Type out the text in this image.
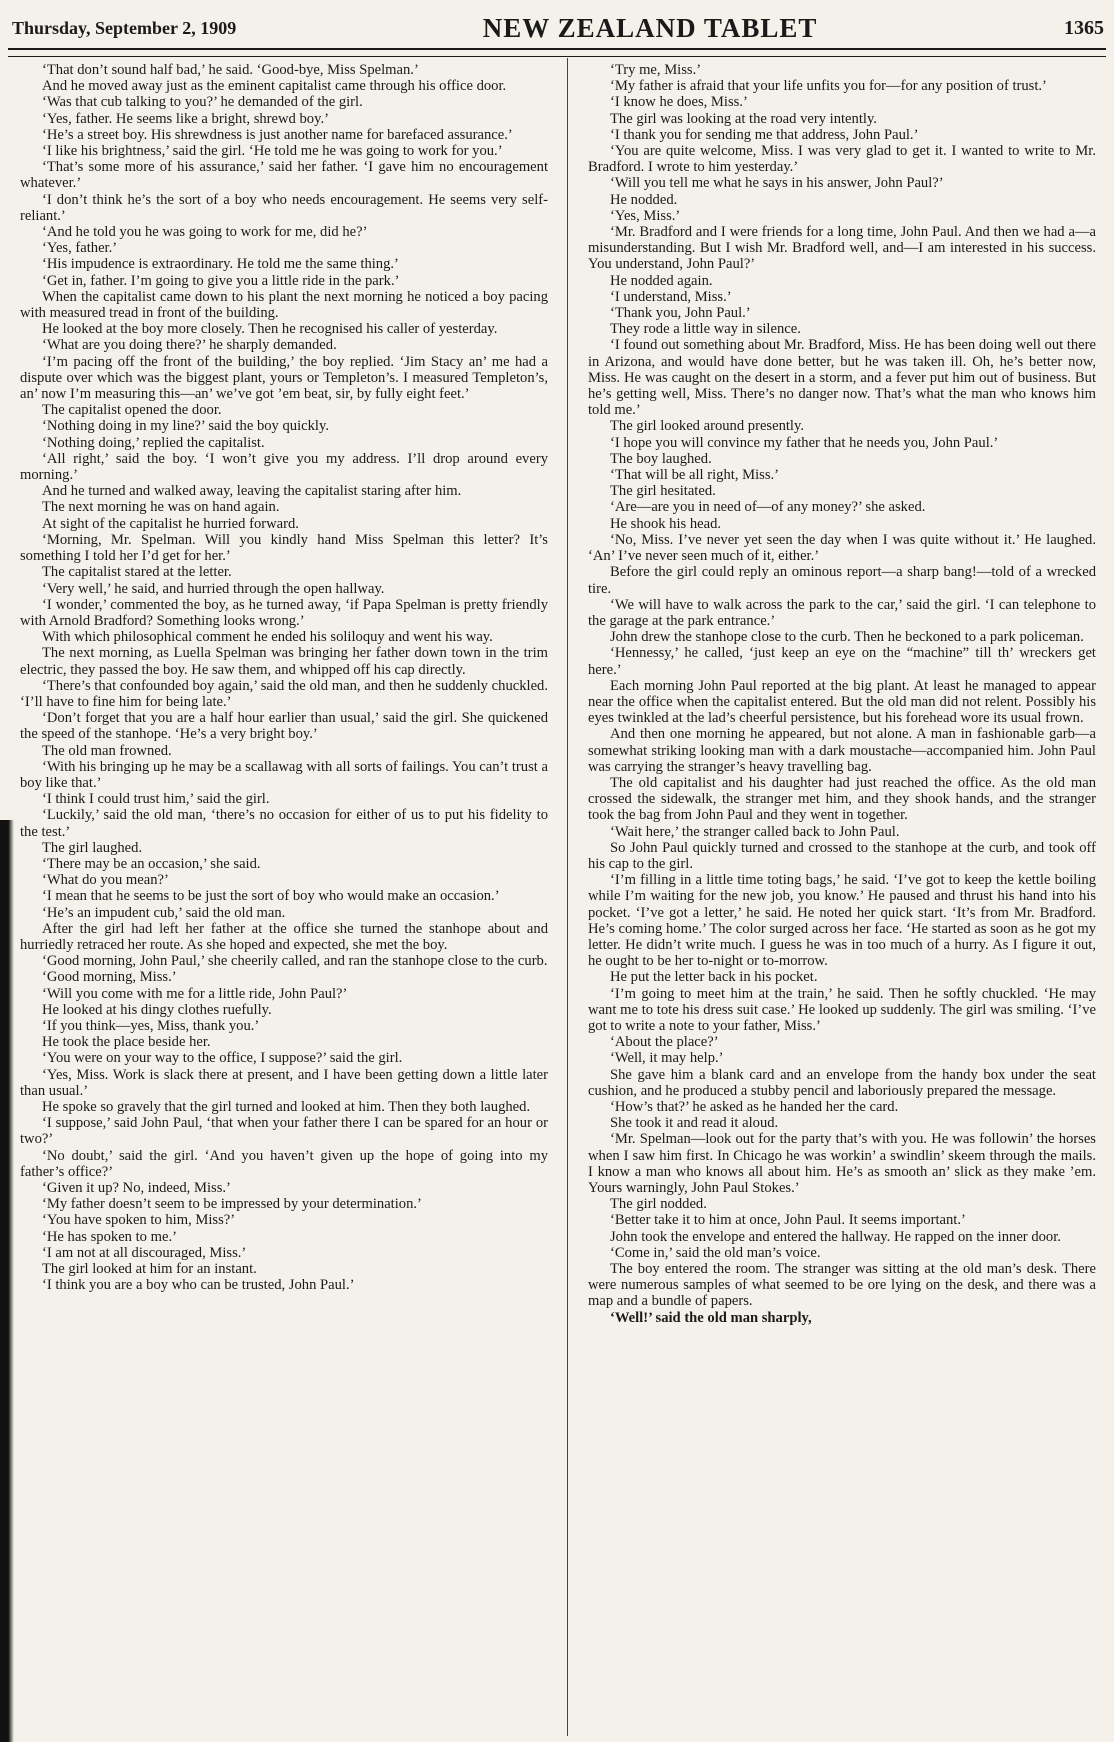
Thursday, September 2, 1909	NEW ZEALAND TABLET	1365

‘That don’t sound half bad,’ he said. ‘Good-bye, Miss Spelman.’

And he moved away just as the eminent capitalist came through his office door.

‘Was that cub talking to you?’ he demanded of the girl.

‘Yes, father. He seems like a bright, shrewd boy.’

‘He’s a street boy. His shrewdness is just another name for barefaced assurance.’

‘I like his brightness,’ said the girl. ‘He told me he was going to work for you.’

‘That’s some more of his assurance,’ said her father. ‘I gave him no encouragement whatever.’

‘I don’t think he’s the sort of a boy who needs encouragement. He seems very self-reliant.’

‘And he told you he was going to work for me, did he?’

‘Yes, father.’

‘His impudence is extraordinary. He told me the same thing.’

‘Get in, father. I’m going to give you a little ride in the park.’

When the capitalist came down to his plant the next morning he noticed a boy pacing with measured tread in front of the building.

He looked at the boy more closely. Then he recognised his caller of yesterday.

‘What are you doing there?’ he sharply demanded.

‘I’m pacing off the front of the building,’ the boy replied. ‘Jim Stacy an’ me had a dispute over which was the biggest plant, yours or Templeton’s. I measured Templeton’s, an’ now I’m measuring this—an’ we’ve got ’em beat, sir, by fully eight feet.’

The capitalist opened the door.

‘Nothing doing in my line?’ said the boy quickly.

‘Nothing doing,’ replied the capitalist.

‘All right,’ said the boy. ‘I won’t give you my address. I’ll drop around every morning.’

And he turned and walked away, leaving the capitalist staring after him.

The next morning he was on hand again.

At sight of the capitalist he hurried forward.

‘Morning, Mr. Spelman. Will you kindly hand Miss Spelman this letter? It’s something I told her I’d get for her.’

The capitalist stared at the letter.

‘Very well,’ he said, and hurried through the open hallway.

‘I wonder,’ commented the boy, as he turned away, ‘if Papa Spelman is pretty friendly with Arnold Bradford? Something looks wrong.’

With which philosophical comment he ended his soliloquy and went his way.

The next morning, as Luella Spelman was bringing her father down town in the trim electric, they passed the boy. He saw them, and whipped off his cap directly.

‘There’s that confounded boy again,’ said the old man, and then he suddenly chuckled. ‘I’ll have to fine him for being late.’

‘Don’t forget that you are a half hour earlier than usual,’ said the girl. She quickened the speed of the stanhope. ‘He’s a very bright boy.’

The old man frowned.

‘With his bringing up he may be a scallawag with all sorts of failings. You can’t trust a boy like that.’

‘I think I could trust him,’ said the girl.

‘Luckily,’ said the old man, ‘there’s no occasion for either of us to put his fidelity to the test.’

The girl laughed.

‘There may be an occasion,’ she said.

‘What do you mean?’

‘I mean that he seems to be just the sort of boy who would make an occasion.’

‘He’s an impudent cub,’ said the old man.

After the girl had left her father at the office she turned the stanhope about and hurriedly retraced her route. As she hoped and expected, she met the boy.

‘Good morning, John Paul,’ she cheerily called, and ran the stanhope close to the curb.

‘Good morning, Miss.’

‘Will you come with me for a little ride, John Paul?’

He looked at his dingy clothes ruefully.

‘If you think—yes, Miss, thank you.’

He took the place beside her.

‘You were on your way to the office, I suppose?’ said the girl.

‘Yes, Miss. Work is slack there at present, and I have been getting down a little later than usual.’

He spoke so gravely that the girl turned and looked at him. Then they both laughed.

‘I suppose,’ said John Paul, ‘that when your father there I can be spared for an hour or two?’

‘No doubt,’ said the girl. ‘And you haven’t given up the hope of going into my father’s office?’

‘Given it up? No, indeed, Miss.’

‘My father doesn’t seem to be impressed by your determination.’

‘You have spoken to him, Miss?’

‘He has spoken to me.’

‘I am not at all discouraged, Miss.’

The girl looked at him for an instant.

‘I think you are a boy who can be trusted, John Paul.’

‘Try me, Miss.’

‘My father is afraid that your life unfits you for—for any position of trust.’

‘I know he does, Miss.’

The girl was looking at the road very intently.

‘I thank you for sending me that address, John Paul.’

‘You are quite welcome, Miss. I was very glad to get it. I wanted to write to Mr. Bradford. I wrote to him yesterday.’

‘Will you tell me what he says in his answer, John Paul?’

He nodded.

‘Yes, Miss.’

‘Mr. Bradford and I were friends for a long time, John Paul. And then we had a—a misunderstanding. But I wish Mr. Bradford well, and—I am interested in his success. You understand, John Paul?’

He nodded again.

‘I understand, Miss.’

‘Thank you, John Paul.’

They rode a little way in silence.

‘I found out something about Mr. Bradford, Miss. He has been doing well out there in Arizona, and would have done better, but he was taken ill. Oh, he’s better now, Miss. He was caught on the desert in a storm, and a fever put him out of business. But he’s getting well, Miss. There’s no danger now. That’s what the man who knows him told me.’

The girl looked around presently.

‘I hope you will convince my father that he needs you, John Paul.’

The boy laughed.

‘That will be all right, Miss.’

The girl hesitated.

‘Are—are you in need of—of any money?’ she asked.

He shook his head.

‘No, Miss. I’ve never yet seen the day when I was quite without it.’ He laughed. ‘An’ I’ve never seen much of it, either.’

Before the girl could reply an ominous report—a sharp bang!—told of a wrecked tire.

‘We will have to walk across the park to the car,’ said the girl. ‘I can telephone to the garage at the park entrance.’

John drew the stanhope close to the curb. Then he beckoned to a park policeman.

‘Hennessy,’ he called, ‘just keep an eye on the “machine” till th’ wreckers get here.’

Each morning John Paul reported at the big plant. At least he managed to appear near the office when the capitalist entered. But the old man did not relent. Possibly his eyes twinkled at the lad’s cheerful persistence, but his forehead wore its usual frown.

And then one morning he appeared, but not alone. A man in fashionable garb—a somewhat striking looking man with a dark moustache—accompanied him. John Paul was carrying the stranger’s heavy travelling bag.

The old capitalist and his daughter had just reached the office. As the old man crossed the sidewalk, the stranger met him, and they shook hands, and the stranger took the bag from John Paul and they went in together.

‘Wait here,’ the stranger called back to John Paul.

So John Paul quickly turned and crossed to the stanhope at the curb, and took off his cap to the girl.

‘I’m filling in a little time toting bags,’ he said. ‘I’ve got to keep the kettle boiling while I’m waiting for the new job, you know.’ He paused and thrust his hand into his pocket. ‘I’ve got a letter,’ he said. He noted her quick start. ‘It’s from Mr. Bradford. He’s coming home.’ The color surged across her face. ‘He started as soon as he got my letter. He didn’t write much. I guess he was in too much of a hurry. As I figure it out, he ought to be her to-night or to-morrow.

He put the letter back in his pocket.

‘I’m going to meet him at the train,’ he said. Then he softly chuckled. ‘He may want me to tote his dress suit case.’ He looked up suddenly. The girl was smiling. ‘I’ve got to write a note to your father, Miss.’

‘About the place?’

‘Well, it may help.’

She gave him a blank card and an envelope from the handy box under the seat cushion, and he produced a stubby pencil and laboriously prepared the message.

‘How’s that?’ he asked as he handed her the card.

She took it and read it aloud.

‘Mr. Spelman—look out for the party that’s with you. He was followin’ the horses when I saw him first. In Chicago he was workin’ a swindlin’ skeem through the mails. I know a man who knows all about him. He’s as smooth an’ slick as they make ’em. Yours warningly, John Paul Stokes.’

The girl nodded.

‘Better take it to him at once, John Paul. It seems important.’

John took the envelope and entered the hallway. He rapped on the inner door.

‘Come in,’ said the old man’s voice.

The boy entered the room. The stranger was sitting at the old man’s desk. There were numerous samples of what seemed to be ore lying on the desk, and there was a map and a bundle of papers.

‘Well!’ said the old man sharply,
